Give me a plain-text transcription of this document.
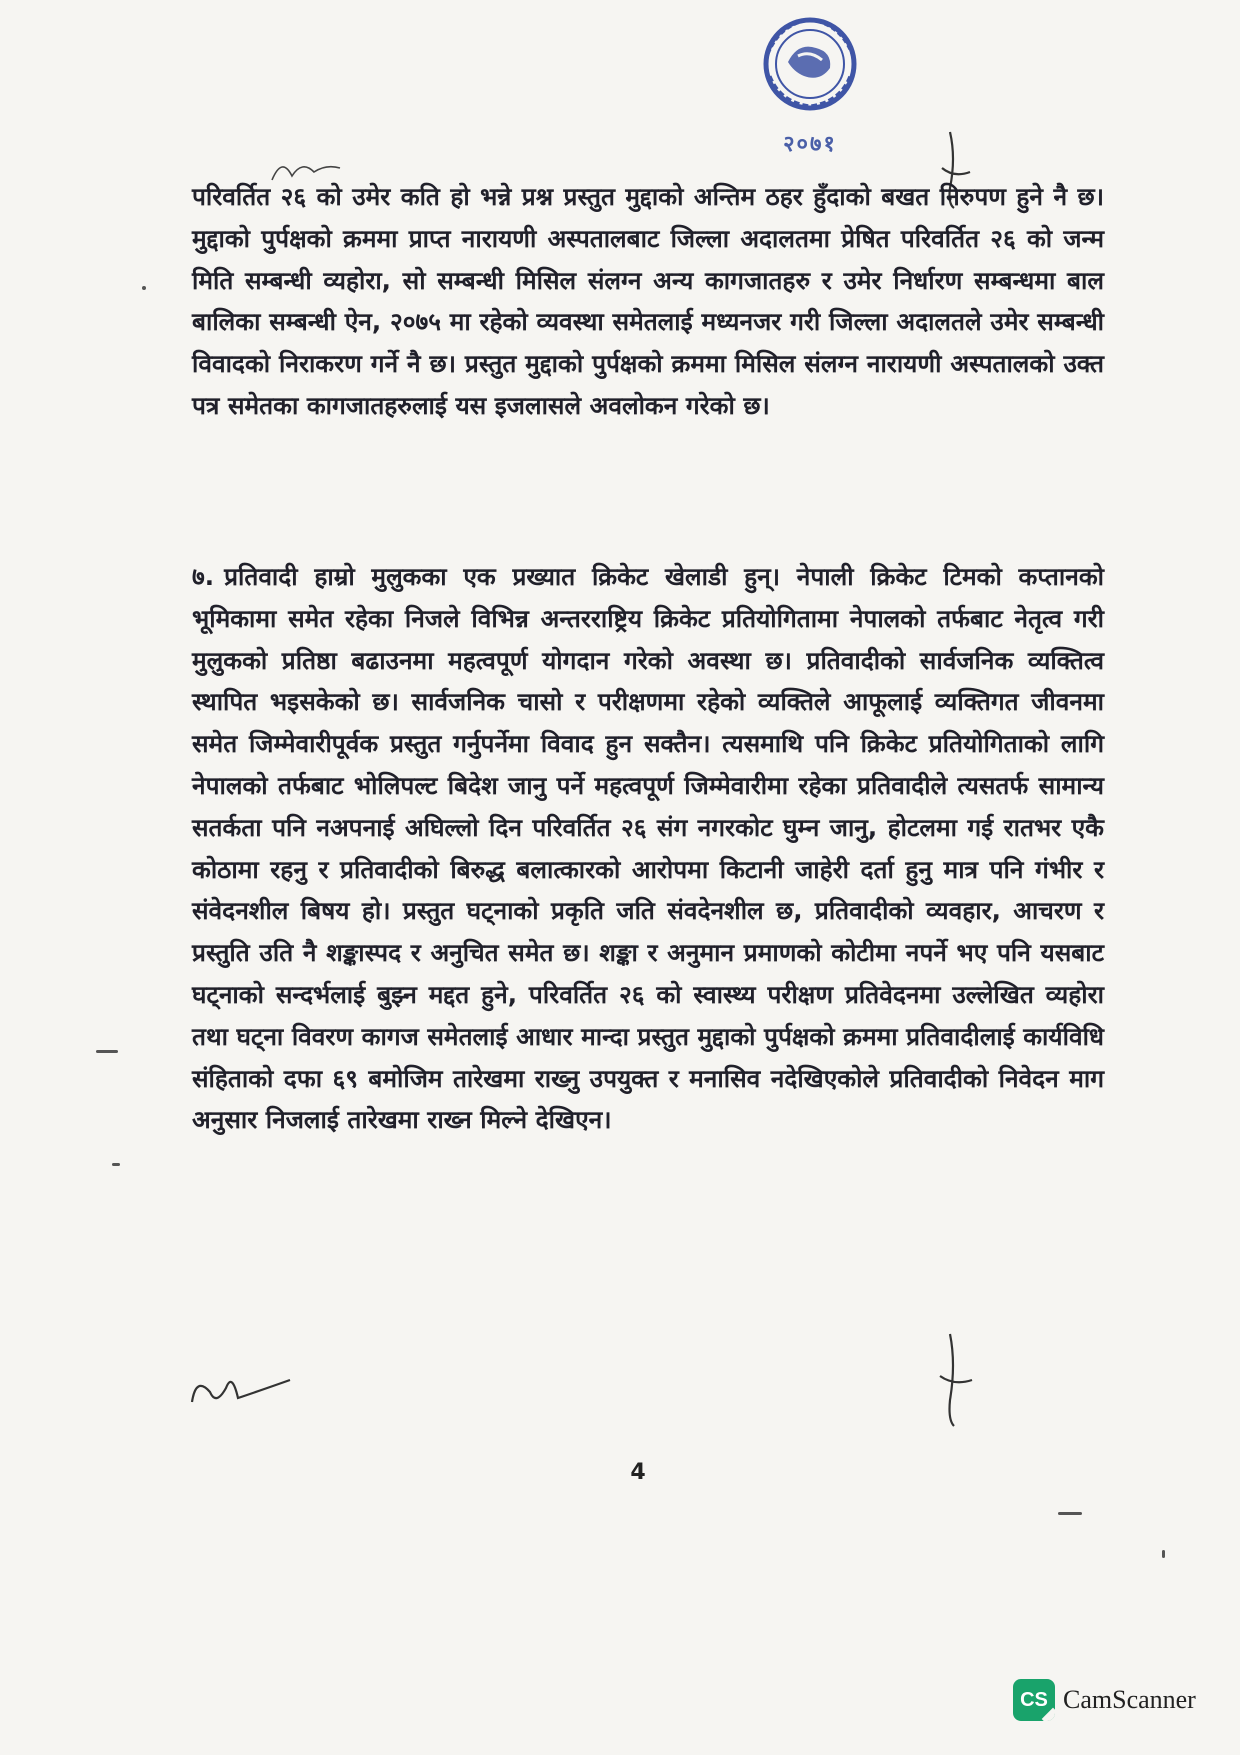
२०७१
परिवर्तित २६ को उमेर कति हो भन्ने प्रश्न प्रस्तुत मुद्दाको अन्तिम ठहर हुँदाको बखत निरुपण हुने नै छ। मुद्दाको पुर्पक्षको क्रममा प्राप्त नारायणी अस्पतालबाट जिल्ला अदालतमा प्रेषित परिवर्तित २६ को जन्म मिति सम्बन्धी व्यहोरा, सो सम्बन्धी मिसिल संलग्न अन्य कागजातहरु र उमेर निर्धारण सम्बन्धमा बाल बालिका सम्बन्धी ऐन, २०७५ मा रहेको व्यवस्था समेतलाई मध्यनजर गरी जिल्ला अदालतले उमेर सम्बन्धी विवादको निराकरण गर्ने नै छ। प्रस्तुत मुद्दाको पुर्पक्षको क्रममा मिसिल संलग्न नारायणी अस्पतालको उक्त पत्र समेतका कागजातहरुलाई यस इजलासले अवलोकन गरेको छ।
७. प्रतिवादी हाम्रो मुलुकका एक प्रख्यात क्रिकेट खेलाडी हुन्। नेपाली क्रिकेट टिमको कप्तानको भूमिकामा समेत रहेका निजले विभिन्न अन्तरराष्ट्रिय क्रिकेट प्रतियोगितामा नेपालको तर्फबाट नेतृत्व गरी मुलुकको प्रतिष्ठा बढाउनमा महत्वपूर्ण योगदान गरेको अवस्था छ। प्रतिवादीको सार्वजनिक व्यक्तित्व स्थापित भइसकेको छ। सार्वजनिक चासो र परीक्षणमा रहेको व्यक्तिले आफूलाई व्यक्तिगत जीवनमा समेत जिम्मेवारीपूर्वक प्रस्तुत गर्नुपर्नेमा विवाद हुन सक्तैन। त्यसमाथि पनि क्रिकेट प्रतियोगिताको लागि नेपालको तर्फबाट भोलिपल्ट बिदेश जानु पर्ने महत्वपूर्ण जिम्मेवारीमा रहेका प्रतिवादीले त्यसतर्फ सामान्य सतर्कता पनि नअपनाई अघिल्लो दिन परिवर्तित २६ संग नगरकोट घुम्न जानु, होटलमा गई रातभर एकै कोठामा रहनु र प्रतिवादीको बिरुद्ध बलात्कारको आरोपमा किटानी जाहेरी दर्ता हुनु मात्र पनि गंभीर र संवेदनशील बिषय हो। प्रस्तुत घट्नाको प्रकृति जति संवदेनशील छ, प्रतिवादीको व्यवहार, आचरण र प्रस्तुति उति नै शङ्कास्पद र अनुचित समेत छ। शङ्का र अनुमान प्रमाणको कोटीमा नपर्ने भए पनि यसबाट घट्नाको सन्दर्भलाई बुझ्न मद्दत हुने, परिवर्तित २६ को स्वास्थ्य परीक्षण प्रतिवेदनमा उल्लेखित व्यहोरा तथा घट्ना विवरण कागज समेतलाई आधार मान्दा प्रस्तुत मुद्दाको पुर्पक्षको क्रममा प्रतिवादीलाई कार्यविधि संहिताको दफा ६९ बमोजिम तारेखमा राख्नु उपयुक्त र मनासिव नदेखिएकोले प्रतिवादीको निवेदन माग अनुसार निजलाई तारेखमा राख्न मिल्ने देखिएन।
4
CS CamScanner
